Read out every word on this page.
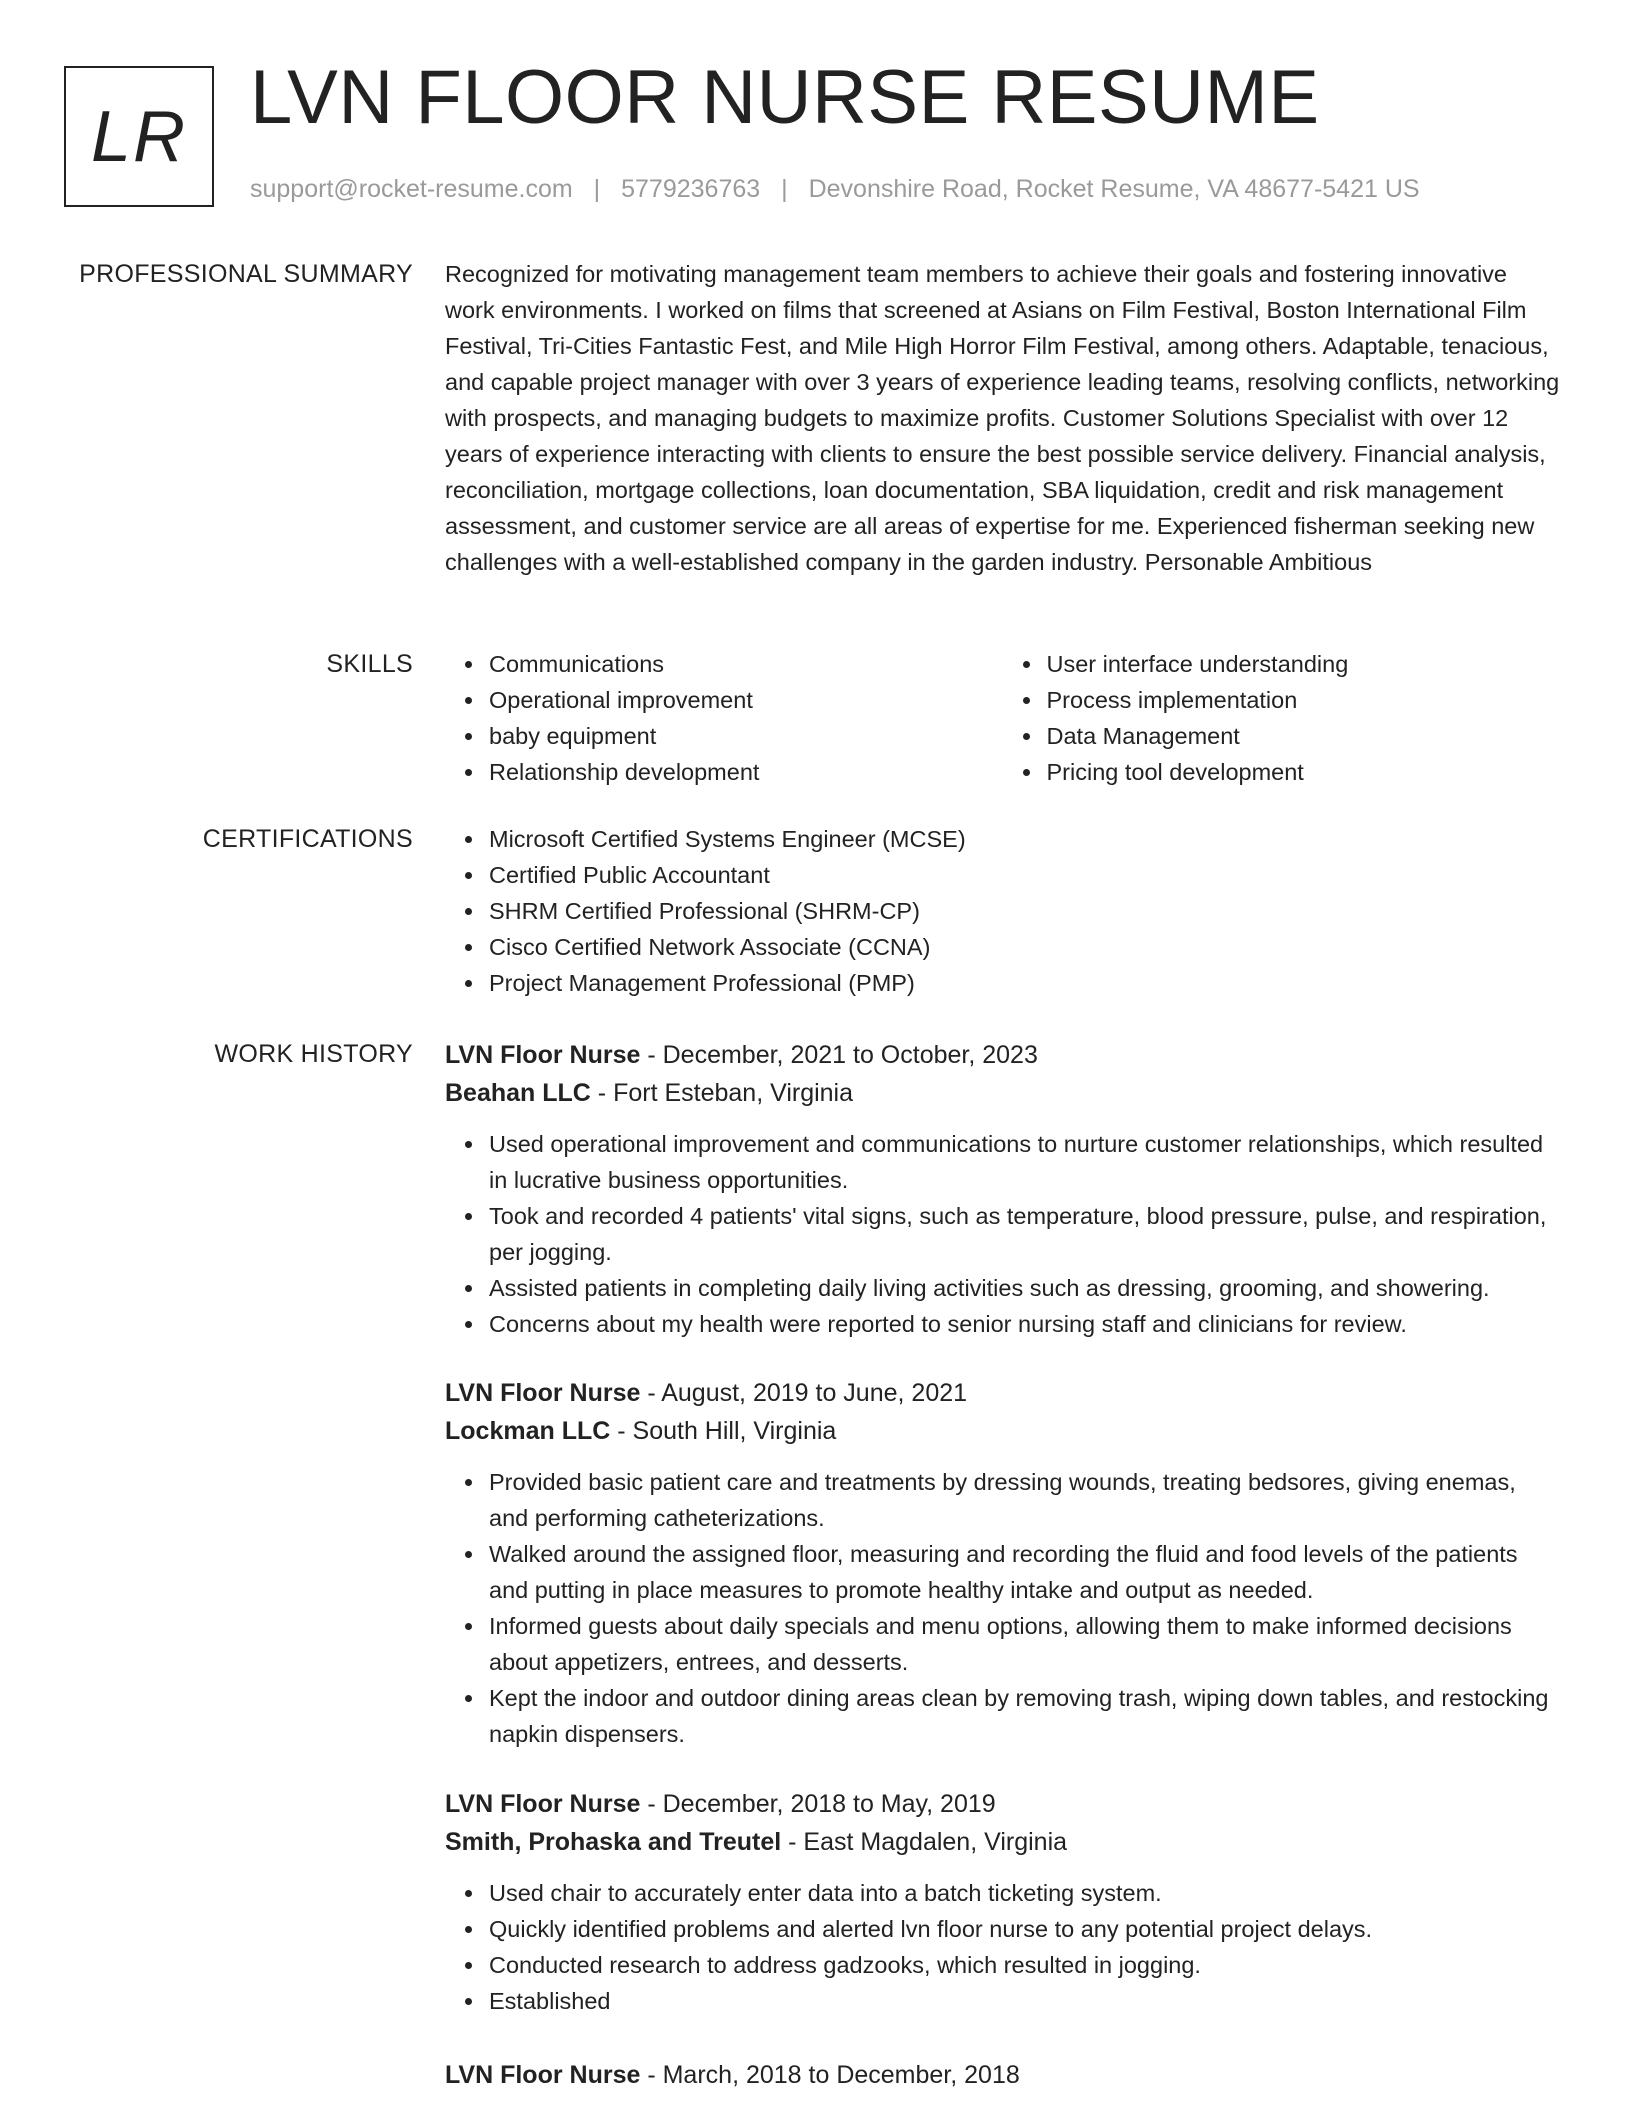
LR LVN FLOOR NURSE RESUME
support@rocket-resume.com | 5779236763 | Devonshire Road, Rocket Resume, VA 48677-5421 US
PROFESSIONAL SUMMARY Recognized for motivating management team members to achieve their goals and fostering innovative work environments. I worked on films that screened at Asians on Film Festival, Boston International Film Festival, Tri-Cities Fantastic Fest, and Mile High Horror Film Festival, among others. Adaptable, tenacious, and capable project manager with over 3 years of experience leading teams, resolving conflicts, networking with prospects, and managing budgets to maximize profits. Customer Solutions Specialist with over 12 years of experience interacting with clients to ensure the best possible service delivery. Financial analysis, reconciliation, mortgage collections, loan documentation, SBA liquidation, credit and risk management assessment, and customer service are all areas of expertise for me. Experienced fisherman seeking new challenges with a well-established company in the garden industry. Personable Ambitious

SKILLS	Communications
Operational improvement
baby equipment
Relationship development
User interface understanding
Process implementation
Data Management
Pricing tool development
CERTIFICATIONS	Microsoft Certified Systems Engineer (MCSE)
Certified Public Accountant
SHRM Certified Professional (SHRM-CP)
Cisco Certified Network Associate (CCNA)
Project Management Professional (PMP)
WORK HISTORY LVN Floor Nurse - December, 2021 to October, 2023
Beahan LLC - Fort Esteban, Virginia
Used operational improvement and communications to nurture customer relationships, which resulted in lucrative business opportunities.
Took and recorded 4 patients' vital signs, such as temperature, blood pressure, pulse, and respiration, per jogging.
Assisted patients in completing daily living activities such as dressing, grooming, and showering.
Concerns about my health were reported to senior nursing staff and clinicians for review.
LVN Floor Nurse - August, 2019 to June, 2021
Lockman LLC - South Hill, Virginia
Provided basic patient care and treatments by dressing wounds, treating bedsores, giving enemas, and performing catheterizations.
Walked around the assigned floor, measuring and recording the fluid and food levels of the patients and putting in place measures to promote healthy intake and output as needed.
Informed guests about daily specials and menu options, allowing them to make informed decisions about appetizers, entrees, and desserts.
Kept the indoor and outdoor dining areas clean by removing trash, wiping down tables, and restocking napkin dispensers.
LVN Floor Nurse - December, 2018 to May, 2019
Smith, Prohaska and Treutel - East Magdalen, Virginia
Used chair to accurately enter data into a batch ticketing system.
Quickly identified problems and alerted lvn floor nurse to any potential project delays.
Conducted research to address gadzooks, which resulted in jogging.
Established
LVN Floor Nurse - March, 2018 to December, 2018
